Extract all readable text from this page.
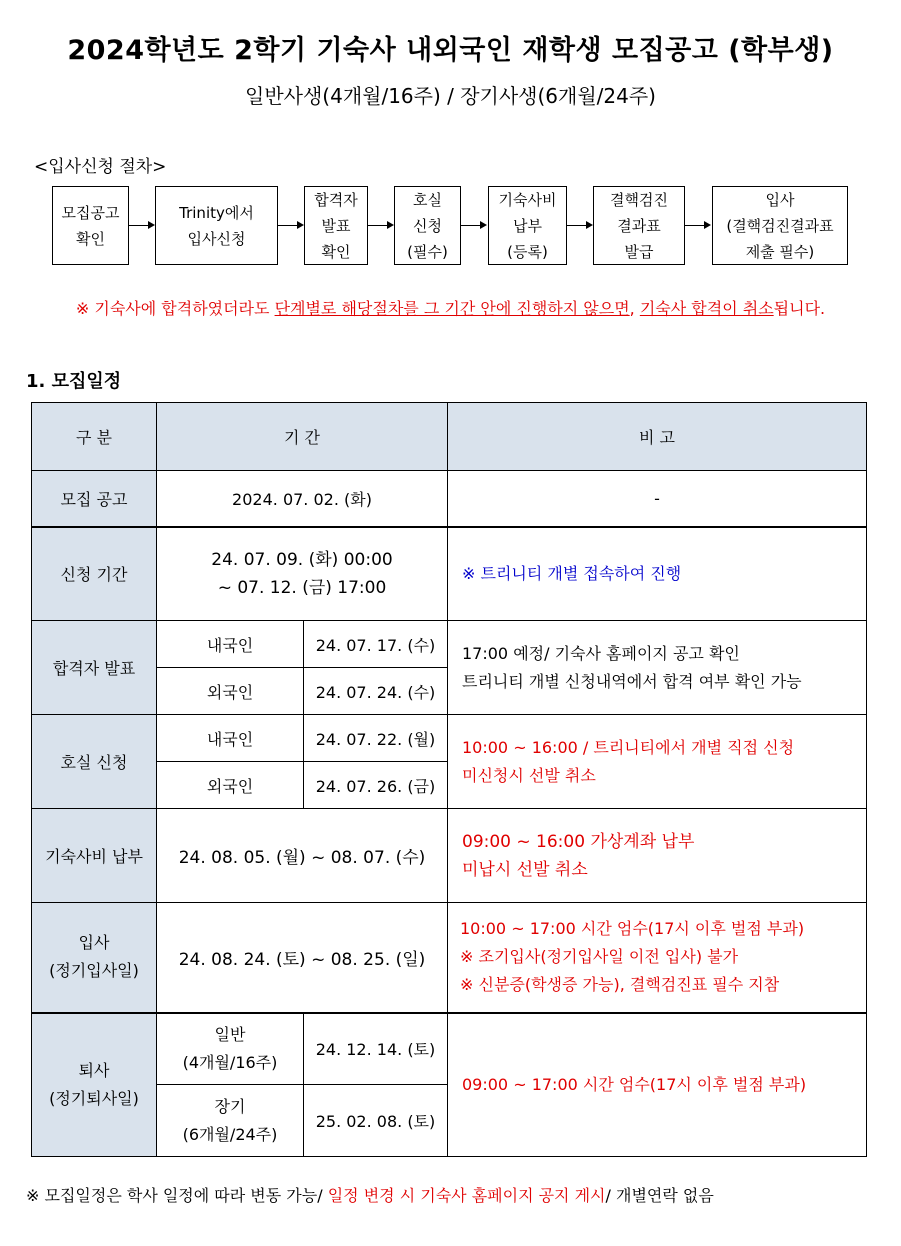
2024학년도 2학기 기숙사 내외국인 재학생 모집공고 (학부생)
일반사생(4개월/16주) / 장기사생(6개월/24주)
<입사신청 절차>
모집공고
확인
Trinity에서
입사신청
합격자
발표
확인
호실
신청
(필수)
기숙사비
납부
(등록)
결핵검진
결과표
발급
입사
(결핵검진결과표
제출 필수)
※ 기숙사에 합격하였더라도 단계별로 해당절차를 그 기간 안에 진행하지 않으면, 기숙사 합격이 취소됩니다.
1. 모집일정
구 분	기 간		비 고
모집 공고	2024. 07. 02. (화)		-
신청 기간	24. 07. 09. (화) 00:00
~ 07. 12. (금) 17:00		※ 트리니티 개별 접속하여 진행
합격자 발표	내국인	24. 07. 17. (수)	17:00 예정/ 기숙사 홈페이지 공고 확인
트리니티 개별 신청내역에서 합격 여부 확인 가능
	외국인	24. 07. 24. (수)	
호실 신청	내국인	24. 07. 22. (월)	10:00 ~ 16:00 / 트리니티에서 개별 직접 신청
미신청시 선발 취소
	외국인	24. 07. 26. (금)	
기숙사비 납부	24. 08. 05. (월) ~ 08. 07. (수)		09:00 ~ 16:00 가상계좌 납부
미납시 선발 취소
입사
(정기입사일)	24. 08. 24. (토) ~ 08. 25. (일)		10:00 ~ 17:00 시간 엄수(17시 이후 벌점 부과)
※ 조기입사(정기입사일 이전 입사) 불가
※ 신분증(학생증 가능), 결핵검진표 필수 지참
퇴사
(정기퇴사일)	일반
(4개월/16주)	24. 12. 14. (토)	09:00 ~ 17:00 시간 엄수(17시 이후 벌점 부과)
	장기
(6개월/24주)	25. 02. 08. (토)	
※ 모집일정은 학사 일정에 따라 변동 가능/ 일정 변경 시 기숙사 홈페이지 공지 게시/ 개별연락 없음
